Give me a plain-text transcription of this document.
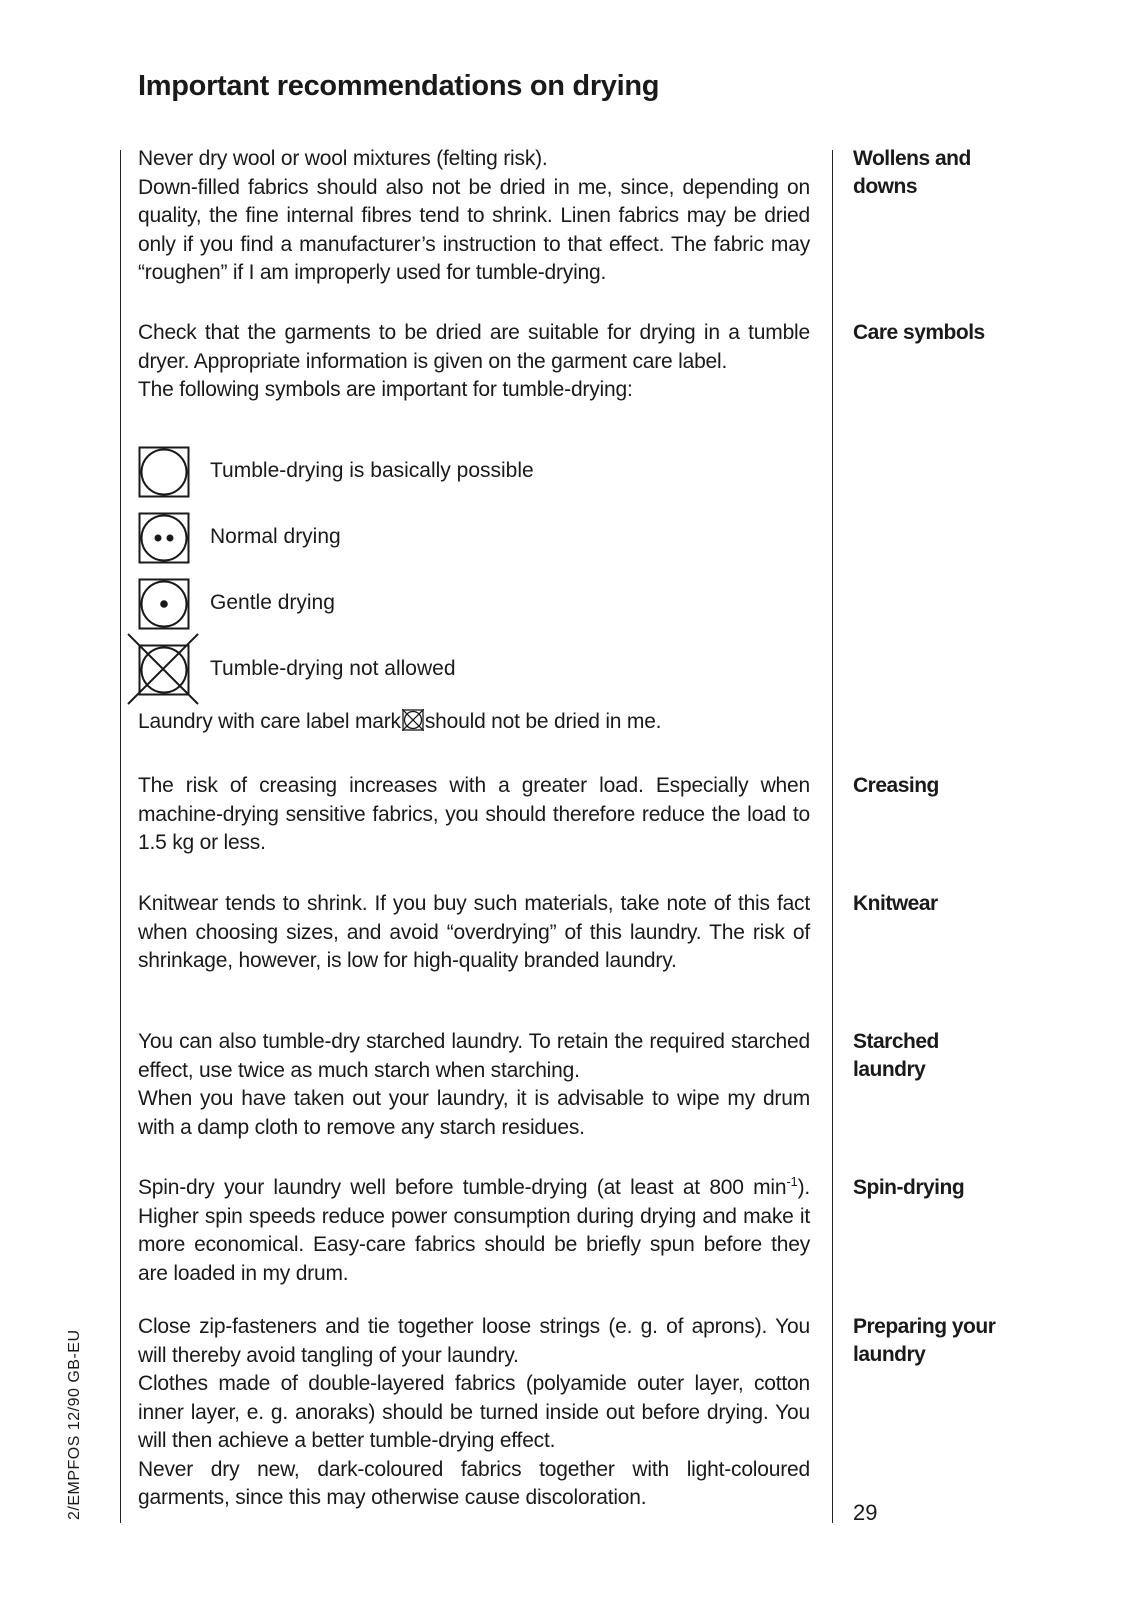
Important recommendations on drying

Never dry wool or wool mixtures (felting risk).

Down-filled fabrics should also not be dried in me, since, depending on quality, the fine internal fibres tend to shrink. Linen fabrics may be dried only if you find a manufacturer’s instruction to that effect. The fabric may “roughen” if I am improperly used for tumble-drying.

Wollens and downs

Check that the garments to be dried are suitable for drying in a tumble dryer. Appropriate information is given on the garment care label.

The following symbols are important for tumble-drying:

Care symbols
Tumble-drying is basically possible
Normal drying
Gentle drying
Tumble-drying not allowed
Laundry with care label mark should not be dried in me.
The risk of creasing increases with a greater load. Especially when machine-drying sensitive fabrics, you should therefore reduce the load to 1.5 kg or less.
Creasing
Knitwear tends to shrink. If you buy such materials, take note of this fact when choosing sizes, and avoid “overdrying” of this laundry. The risk of shrinkage, however, is low for high-quality branded laundry.
Knitwear

You can also tumble-dry starched laundry. To retain the required starched effect, use twice as much starch when starching.

When you have taken out your laundry, it is advisable to wipe my drum with a damp cloth to remove any starch residues.

Starched laundry
Spin-dry your laundry well before tumble-drying (at least at 800 $\min^{-1}$). Higher spin speeds reduce power consumption during drying and make it more economical. Easy-care fabrics should be briefly spun before they are loaded in my drum.
Spin-drying

Close zip-fasteners and tie together loose strings (e. g. of aprons). You will thereby avoid tangling of your laundry.

Clothes made of double-layered fabrics (polyamide outer layer, cotton inner layer, e. g. anoraks) should be turned inside out before drying. You will then achieve a better tumble-drying effect.

Never dry new, dark-coloured fabrics together with light-coloured garments, since this may otherwise cause discoloration.

Preparing your laundry
2/EMPFOS 12/90 GB-EU	29
